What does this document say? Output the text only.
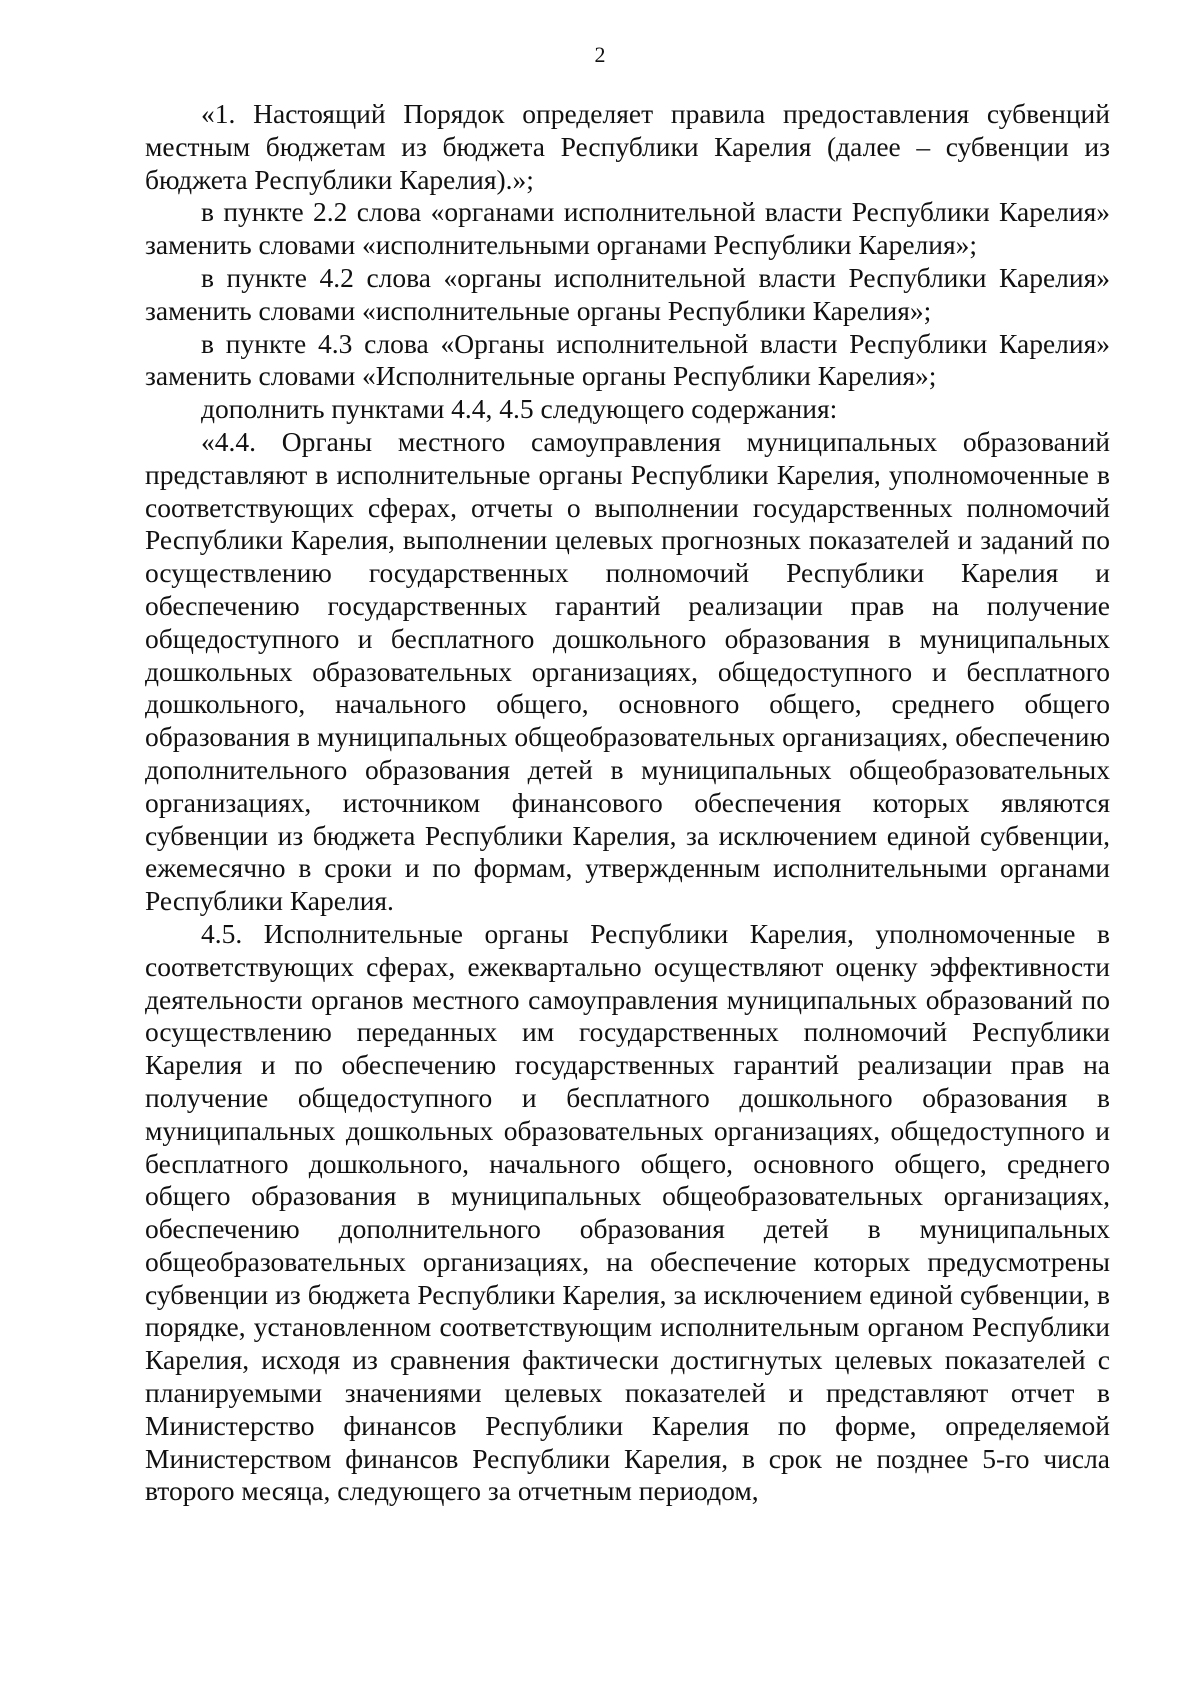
2

«1. Настоящий Порядок определяет правила предоставления субвенций местным бюджетам из бюджета Республики Карелия (далее – субвенции из бюджета Республики Карелия).»;

в пункте 2.2 слова «органами исполнительной власти Республики Карелия» заменить словами «исполнительными органами Республики Карелия»;

в пункте 4.2 слова «органы исполнительной власти Республики Карелия» заменить словами «исполнительные органы Республики Карелия»;

в пункте 4.3 слова «Органы исполнительной власти Республики Карелия» заменить словами «Исполнительные органы Республики Карелия»;

дополнить пунктами 4.4, 4.5 следующего содержания:

«4.4. Органы местного самоуправления муниципальных образований представляют в исполнительные органы Республики Карелия, уполномоченные в соответствующих сферах, отчеты о выполнении государственных полномочий Республики Карелия, выполнении целевых прогнозных показателей и заданий по осуществлению государственных полномочий Республики Карелия и обеспечению государственных гарантий реализации прав на получение общедоступного и бесплатного дошкольного образования в муниципальных дошкольных образовательных организациях, общедоступного и бесплатного дошкольного, начального общего, основного общего, среднего общего образования в муниципальных общеобразовательных организациях, обеспечению дополнительного образования детей в муниципальных общеобразовательных организациях, источником финансового обеспечения которых являются субвенции из бюджета Республики Карелия, за исключением единой субвенции, ежемесячно в сроки и по формам, утвержденным исполнительными органами Республики Карелия.

4.5. Исполнительные органы Республики Карелия, уполномоченные в соответствующих сферах, ежеквартально осуществляют оценку эффективности деятельности органов местного самоуправления муниципальных образований по осуществлению переданных им государственных полномочий Республики Карелия и по обеспечению государственных гарантий реализации прав на получение общедоступного и бесплатного дошкольного образования в муниципальных дошкольных образовательных организациях, общедоступного и бесплатного дошкольного, начального общего, основного общего, среднего общего образования в муниципальных общеобразовательных организациях, обеспечению дополнительного образования детей в муниципальных общеобразовательных организациях, на обеспечение которых предусмотрены субвенции из бюджета Республики Карелия, за исключением единой субвенции, в порядке, установленном соответствующим исполнительным органом Республики Карелия, исходя из сравнения фактически достигнутых целевых показателей с планируемыми значениями целевых показателей и представляют отчет в Министерство финансов Республики Карелия по форме, определяемой Министерством финансов Республики Карелия, в срок не позднее 5-го числа второго месяца, следующего за отчетным периодом,
